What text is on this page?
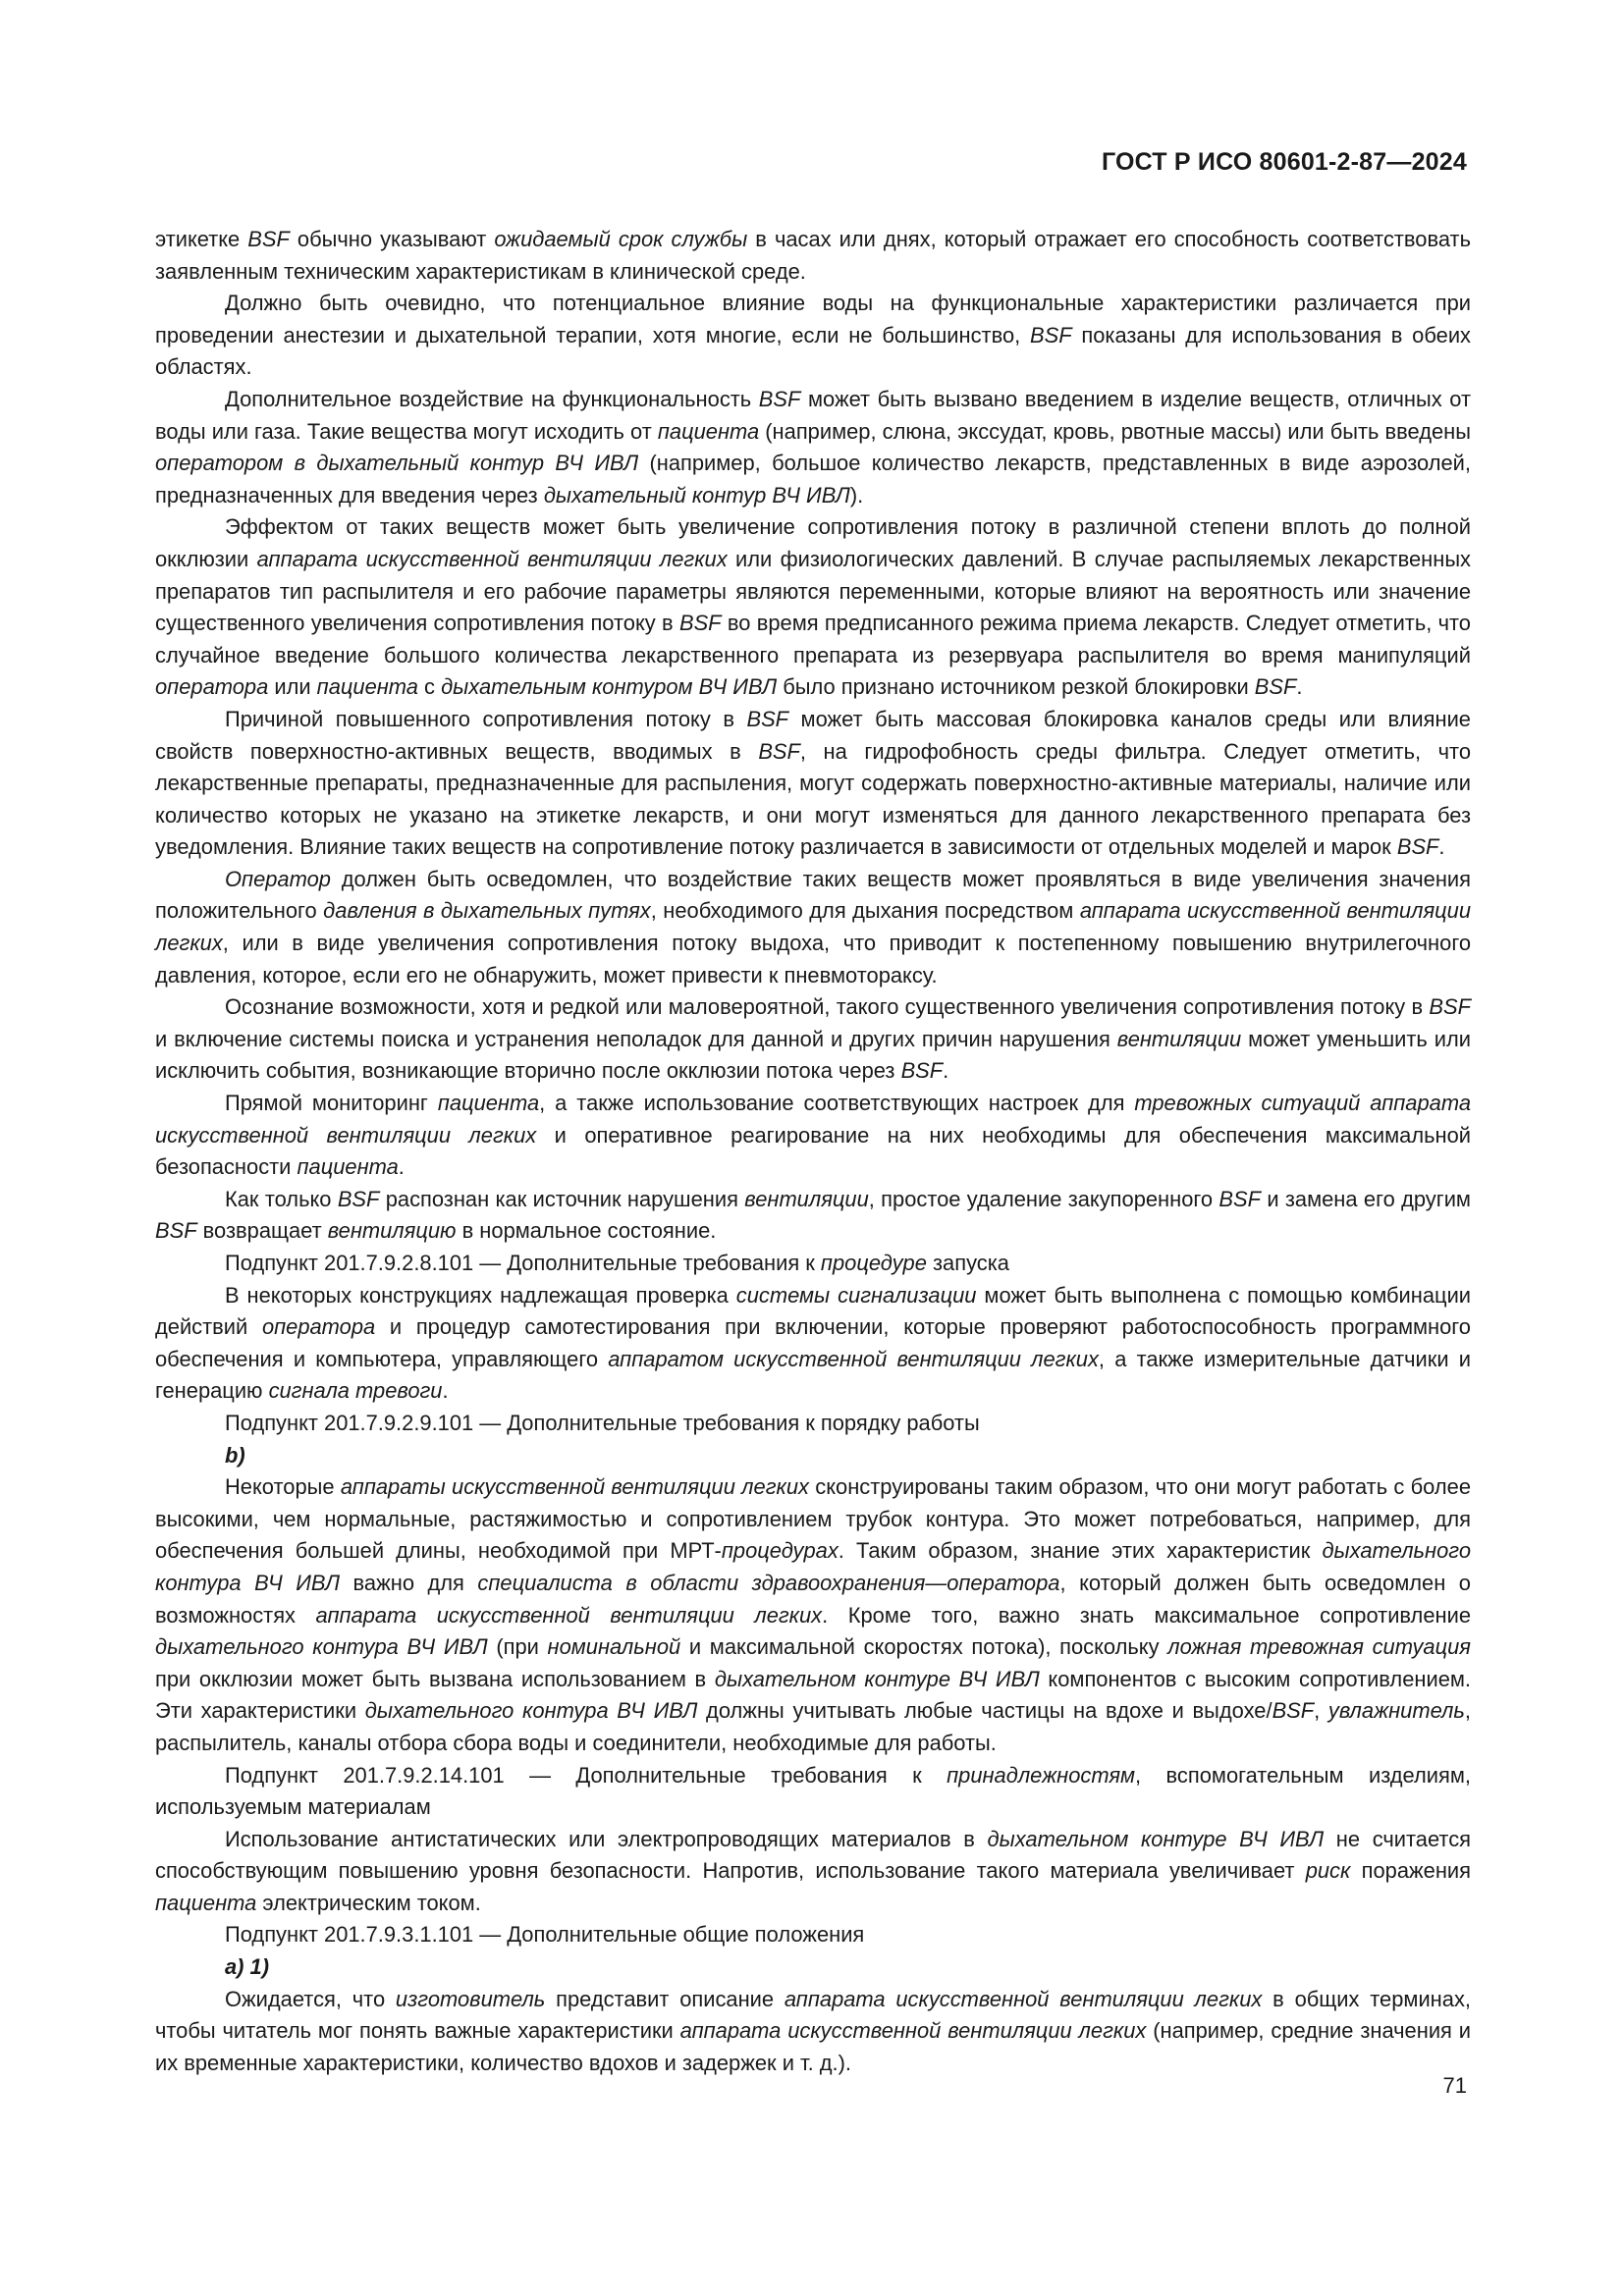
ГОСТ Р ИСО 80601-2-87—2024

этикетке BSF обычно указывают ожидаемый срок службы в часах или днях, который отражает его способность соответствовать заявленным техническим характеристикам в клинической среде.

Должно быть очевидно, что потенциальное влияние воды на функциональные характеристики различается при проведении анестезии и дыхательной терапии, хотя многие, если не большинство, BSF показаны для использования в обеих областях.

Дополнительное воздействие на функциональность BSF может быть вызвано введением в изделие веществ, отличных от воды или газа. Такие вещества могут исходить от пациента (например, слюна, экссудат, кровь, рвотные массы) или быть введены оператором в дыхательный контур ВЧ ИВЛ (например, большое количество лекарств, представленных в виде аэрозолей, предназначенных для введения через дыхательный контур ВЧ ИВЛ).

Эффектом от таких веществ может быть увеличение сопротивления потоку в различной степени вплоть до полной окклюзии аппарата искусственной вентиляции легких или физиологических давлений. В случае распыляемых лекарственных препаратов тип распылителя и его рабочие параметры являются переменными, которые влияют на вероятность или значение существенного увеличения сопротивления потоку в BSF во время предписанного режима приема лекарств. Следует отметить, что случайное введение большого количества лекарственного препарата из резервуара распылителя во время манипуляций оператора или пациента с дыхательным контуром ВЧ ИВЛ было признано источником резкой блокировки BSF.

Причиной повышенного сопротивления потоку в BSF может быть массовая блокировка каналов среды или влияние свойств поверхностно-активных веществ, вводимых в BSF, на гидрофобность среды фильтра. Следует отметить, что лекарственные препараты, предназначенные для распыления, могут содержать поверхностно-активные материалы, наличие или количество которых не указано на этикетке лекарств, и они могут изменяться для данного лекарственного препарата без уведомления. Влияние таких веществ на сопротивление потоку различается в зависимости от отдельных моделей и марок BSF.

Оператор должен быть осведомлен, что воздействие таких веществ может проявляться в виде увеличения значения положительного давления в дыхательных путях, необходимого для дыхания посредством аппарата искусственной вентиляции легких, или в виде увеличения сопротивления потоку выдоха, что приводит к постепенному повышению внутрилегочного давления, которое, если его не обнаружить, может привести к пневмотораксу.

Осознание возможности, хотя и редкой или маловероятной, такого существенного увеличения сопротивления потоку в BSF и включение системы поиска и устранения неполадок для данной и других причин нарушения вентиляции может уменьшить или исключить события, возникающие вторично после окклюзии потока через BSF.

Прямой мониторинг пациента, а также использование соответствующих настроек для тревожных ситуаций аппарата искусственной вентиляции легких и оперативное реагирование на них необходимы для обеспечения максимальной безопасности пациента.

Как только BSF распознан как источник нарушения вентиляции, простое удаление закупоренного BSF и замена его другим BSF возвращает вентиляцию в нормальное состояние.

Подпункт 201.7.9.2.8.101 — Дополнительные требования к процедуре запуска

В некоторых конструкциях надлежащая проверка системы сигнализации может быть выполнена с помощью комбинации действий оператора и процедур самотестирования при включении, которые проверяют работоспособность программного обеспечения и компьютера, управляющего аппаратом искусственной вентиляции легких, а также измерительные датчики и генерацию сигнала тревоги.

Подпункт 201.7.9.2.9.101 — Дополнительные требования к порядку работы

b)

Некоторые аппараты искусственной вентиляции легких сконструированы таким образом, что они могут работать с более высокими, чем нормальные, растяжимостью и сопротивлением трубок контура. Это может потребоваться, например, для обеспечения большей длины, необходимой при МРТ-процедурах. Таким образом, знание этих характеристик дыхательного контура ВЧ ИВЛ важно для специалиста в области здравоохранения—оператора, который должен быть осведомлен о возможностях аппарата искусственной вентиляции легких. Кроме того, важно знать максимальное сопротивление дыхательного контура ВЧ ИВЛ (при номинальной и максимальной скоростях потока), поскольку ложная тревожная ситуация при окклюзии может быть вызвана использованием в дыхательном контуре ВЧ ИВЛ компонентов с высоким сопротивлением. Эти характеристики дыхательного контура ВЧ ИВЛ должны учитывать любые частицы на вдохе и выдохе/BSF, увлажнитель, распылитель, каналы отбора сбора воды и соединители, необходимые для работы.

Подпункт 201.7.9.2.14.101 — Дополнительные требования к принадлежностям, вспомогательным изделиям, используемым материалам

Использование антистатических или электропроводящих материалов в дыхательном контуре ВЧ ИВЛ не считается способствующим повышению уровня безопасности. Напротив, использование такого материала увеличивает риск поражения пациента электрическим током.

Подпункт 201.7.9.3.1.101 — Дополнительные общие положения

a) 1)

Ожидается, что изготовитель представит описание аппарата искусственной вентиляции легких в общих терминах, чтобы читатель мог понять важные характеристики аппарата искусственной вентиляции легких (например, средние значения и их временные характеристики, количество вдохов и задержек и т. д.).

71
